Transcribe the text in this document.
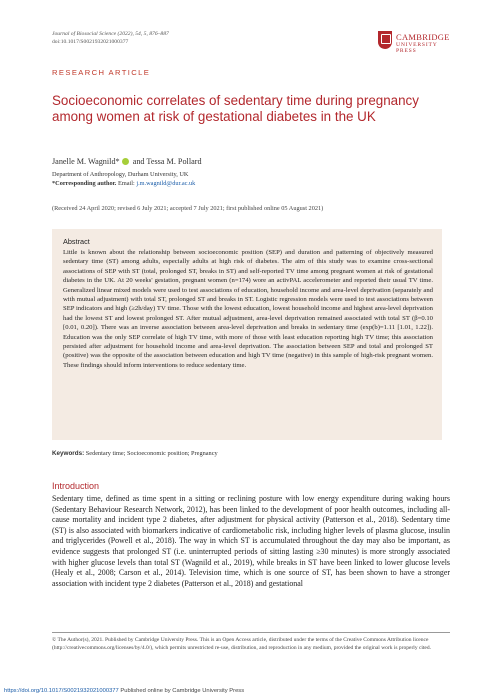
Journal of Biosocial Science (2022), 54, 5, 876–887
doi:10.1017/S0021932021000377	CAMBRIDGE
UNIVERSITY PRESS
RESEARCH ARTICLE
Socioeconomic correlates of sedentary time during pregnancy among women at risk of gestational diabetes in the UK
Janelle M. Wagnild* and Tessa M. Pollard
Department of Anthropology, Durham University, UK
*Corresponding author. Email: j.m.wagnild@dur.ac.uk
(Received 24 April 2020; revised 6 July 2021; accepted 7 July 2021; first published online 05 August 2021)
Abstract
Little is known about the relationship between socioeconomic position (SEP) and duration and patterning of objectively measured sedentary time (ST) among adults, especially adults at high risk of diabetes. The aim of this study was to examine cross-sectional associations of SEP with ST (total, prolonged ST, breaks in ST) and self-reported TV time among pregnant women at risk of gestational diabetes in the UK. At 20 weeks' gestation, pregnant women (n=174) wore an activPAL accelerometer and reported their usual TV time. Generalized linear mixed models were used to test associations of education, household income and area-level deprivation (separately and with mutual adjustment) with total ST, prolonged ST and breaks in ST. Logistic regression models were used to test associations between SEP indicators and high (≥2h/day) TV time. Those with the lowest education, lowest household income and highest area-level deprivation had the lowest ST and lowest prolonged ST. After mutual adjustment, area-level deprivation remained associated with total ST (β=0.10 [0.01, 0.20]). There was an inverse association between area-level deprivation and breaks in sedentary time (exp(b)=1.11 [1.01, 1.22]). Education was the only SEP correlate of high TV time, with more of those with least education reporting high TV time; this association persisted after adjustment for household income and area-level deprivation. The association between SEP and total and prolonged ST (positive) was the opposite of the association between education and high TV time (negative) in this sample of high-risk pregnant women. These findings should inform interventions to reduce sedentary time.
Keywords: Sedentary time; Socioeconomic position; Pregnancy
Introduction
Sedentary time, defined as time spent in a sitting or reclining posture with low energy expenditure during waking hours (Sedentary Behaviour Research Network, 2012), has been linked to the development of poor health outcomes, including all-cause mortality and incident type 2 diabetes, after adjustment for physical activity (Patterson et al., 2018). Sedentary time (ST) is also associated with biomarkers indicative of cardiometabolic risk, including higher levels of plasma glucose, insulin and triglycerides (Powell et al., 2018). The way in which ST is accumulated throughout the day may also be important, as evidence suggests that prolonged ST (i.e. uninterrupted periods of sitting lasting ≥30 minutes) is more strongly associated with higher glucose levels than total ST (Wagnild et al., 2019), while breaks in ST have been linked to lower glucose levels (Healy et al., 2008; Carson et al., 2014). Television time, which is one source of ST, has been shown to have a stronger association with incident type 2 diabetes (Patterson et al., 2018) and gestational
© The Author(s), 2021. Published by Cambridge University Press. This is an Open Access article, distributed under the terms of the Creative Commons Attribution licence (http://creativecommons.org/licenses/by/4.0/), which permits unrestricted re-use, distribution, and reproduction in any medium, provided the original work is properly cited.
https://doi.org/10.1017/S0021932021000377 Published online by Cambridge University Press
